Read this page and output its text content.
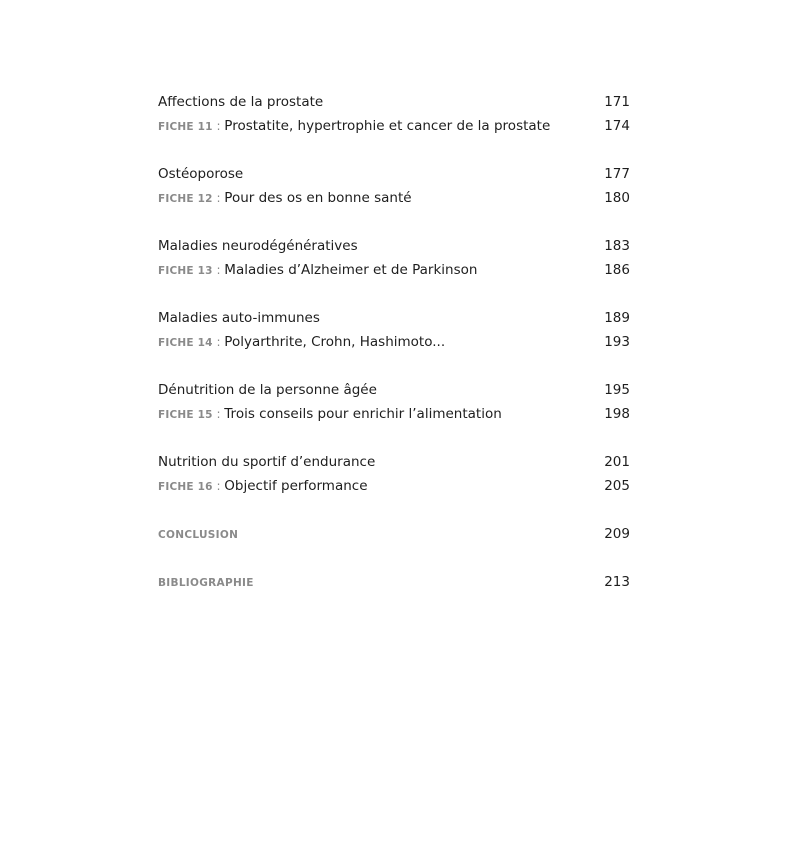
Affections de la prostate	171
FICHE 11 : Prostatite, hypertrophie et cancer de la prostate	174
Ostéoporose	177
FICHE 12 : Pour des os en bonne santé	180
Maladies neurodégénératives	183
FICHE 13 : Maladies d’Alzheimer et de Parkinson	186
Maladies auto-immunes	189
FICHE 14 : Polyarthrite, Crohn, Hashimoto...	193
Dénutrition de la personne âgée	195
FICHE 15 : Trois conseils pour enrichir l’alimentation	198
Nutrition du sportif d’endurance	201
FICHE 16 : Objectif performance	205
CONCLUSION	209
BIBLIOGRAPHIE	213
